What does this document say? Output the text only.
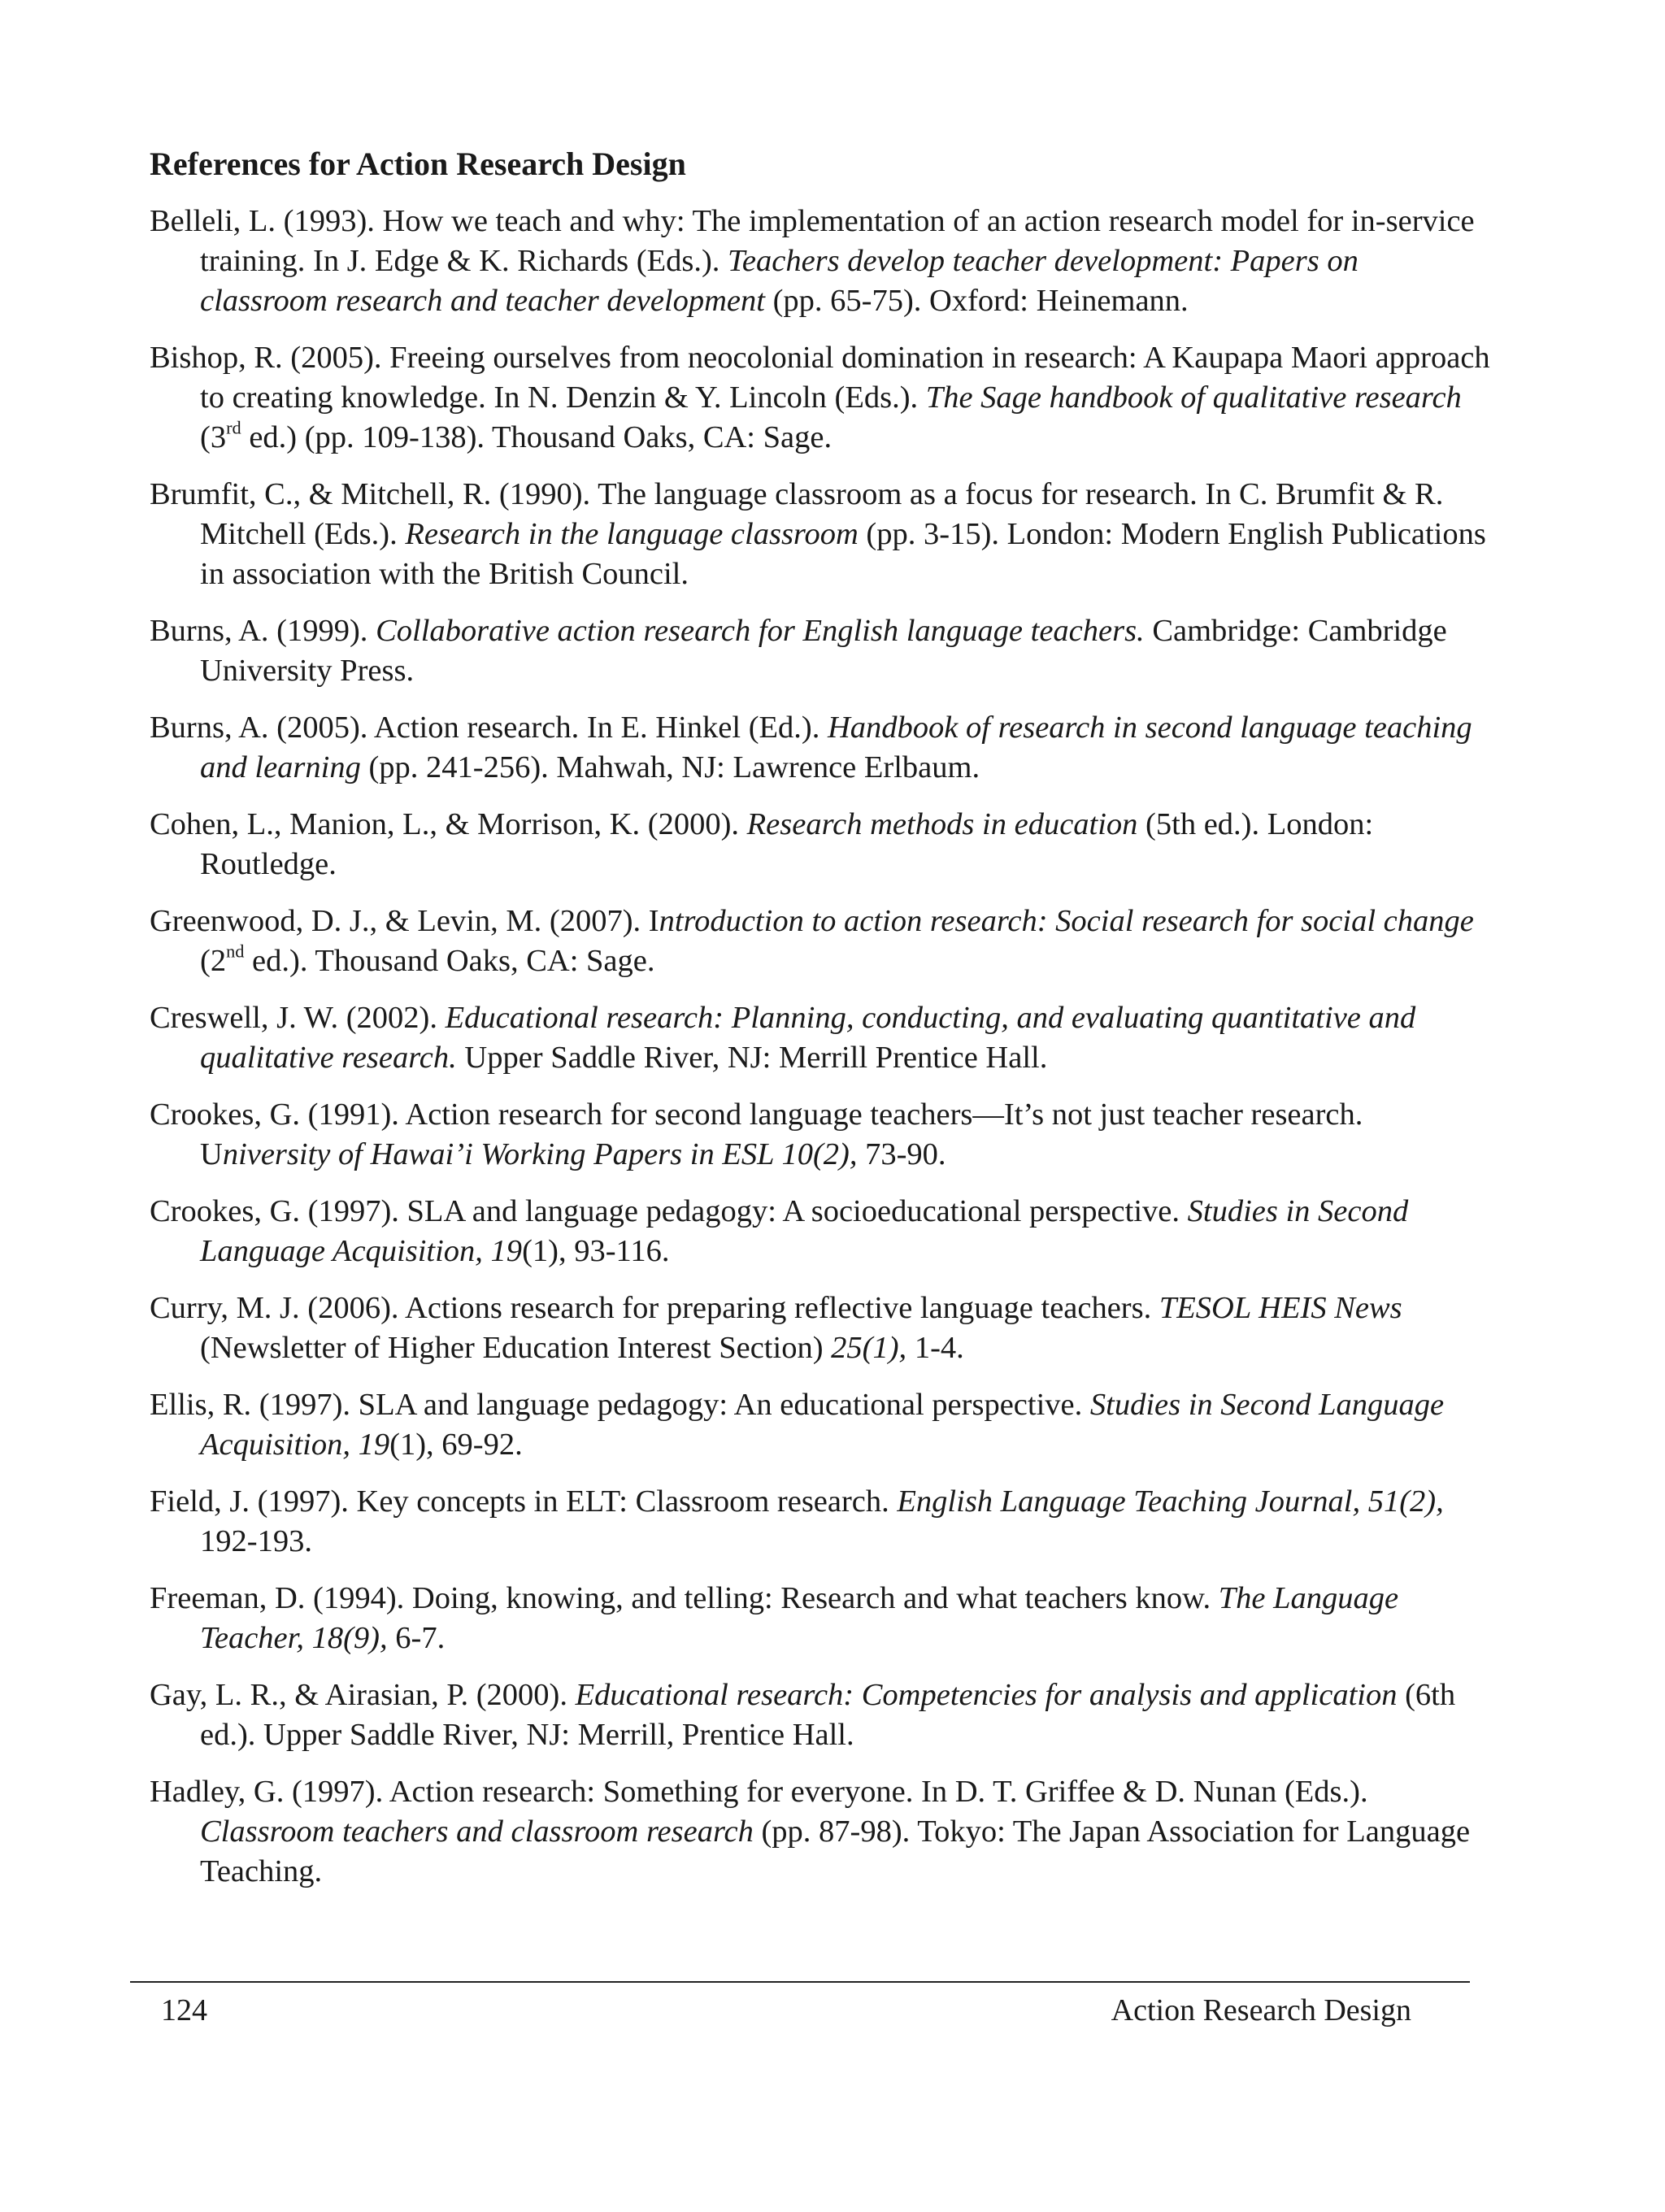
References for Action Research Design
Belleli, L. (1993). How we teach and why: The implementation of an action research model for in-service training. In J. Edge & K. Richards (Eds.). Teachers develop teacher development: Papers on classroom research and teacher development (pp. 65-75). Oxford: Heinemann.
Bishop, R. (2005). Freeing ourselves from neocolonial domination in research: A Kaupapa Maori approach to creating knowledge. In N. Denzin & Y. Lincoln (Eds.). The Sage handbook of qualitative research (3rd ed.) (pp. 109-138). Thousand Oaks, CA: Sage.
Brumfit, C., & Mitchell, R. (1990). The language classroom as a focus for research. In C. Brumfit & R. Mitchell (Eds.). Research in the language classroom (pp. 3-15). London: Modern English Publications in association with the British Council.
Burns, A. (1999). Collaborative action research for English language teachers. Cambridge: Cambridge University Press.
Burns, A. (2005). Action research. In E. Hinkel (Ed.). Handbook of research in second language teaching and learning (pp. 241-256). Mahwah, NJ: Lawrence Erlbaum.
Cohen, L., Manion, L., & Morrison, K. (2000). Research methods in education (5th ed.). London: Routledge.
Greenwood, D. J., & Levin, M. (2007). Introduction to action research: Social research for social change (2nd ed.). Thousand Oaks, CA: Sage.
Creswell, J. W. (2002). Educational research: Planning, conducting, and evaluating quantitative and qualitative research. Upper Saddle River, NJ: Merrill Prentice Hall.
Crookes, G. (1991). Action research for second language teachers—It’s not just teacher research. University of Hawai’i Working Papers in ESL 10(2), 73-90.
Crookes, G. (1997). SLA and language pedagogy: A socioeducational perspective. Studies in Second Language Acquisition, 19(1), 93-116.
Curry, M. J. (2006). Actions research for preparing reflective language teachers. TESOL HEIS News (Newsletter of Higher Education Interest Section) 25(1), 1-4.
Ellis, R. (1997). SLA and language pedagogy: An educational perspective. Studies in Second Language Acquisition, 19(1), 69-92.
Field, J. (1997). Key concepts in ELT: Classroom research. English Language Teaching Journal, 51(2), 192-193.
Freeman, D. (1994). Doing, knowing, and telling: Research and what teachers know. The Language Teacher, 18(9), 6-7.
Gay, L. R., & Airasian, P. (2000). Educational research: Competencies for analysis and application (6th ed.). Upper Saddle River, NJ: Merrill, Prentice Hall.
Hadley, G. (1997). Action research: Something for everyone. In D. T. Griffee & D. Nunan (Eds.). Classroom teachers and classroom research (pp. 87-98). Tokyo: The Japan Association for Language Teaching.
124	Action Research Design
